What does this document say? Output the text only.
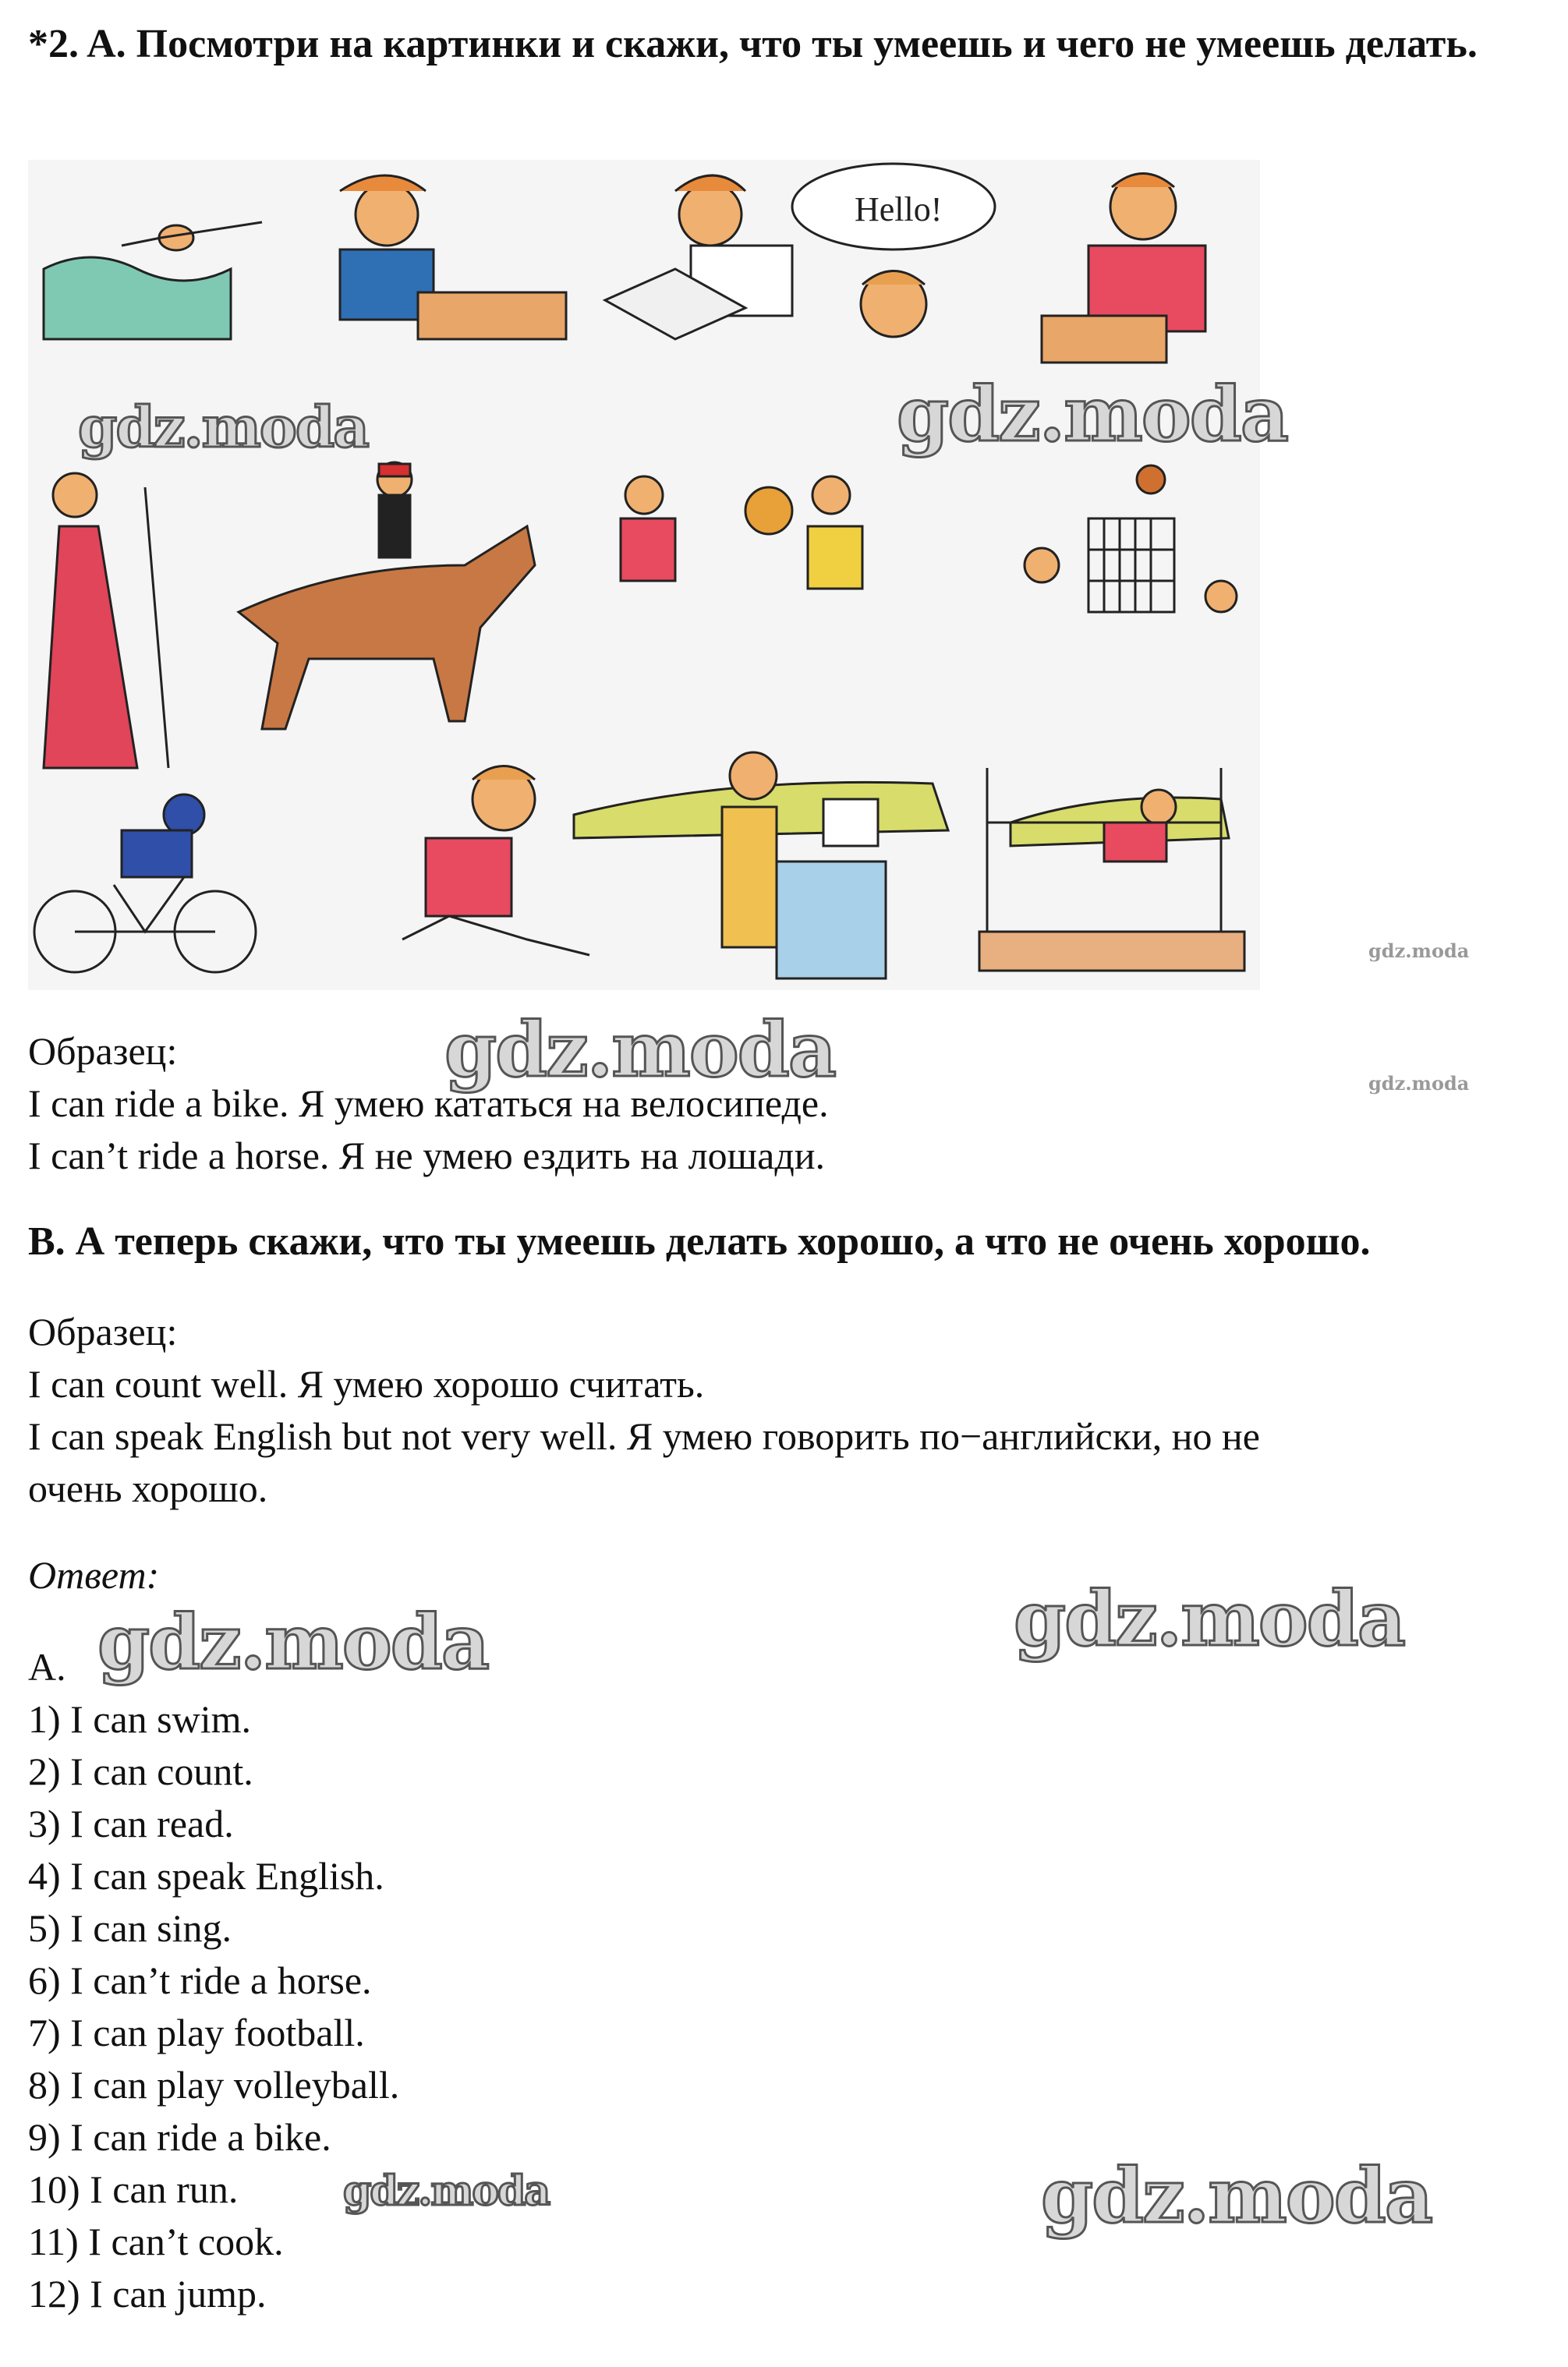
*2. A. Посмотри на картинки и скажи, что ты умеешь и чего не умеешь делать.
Hello!
Образец:
I can ride a bike. Я умею кататься на велосипеде.
I can’t ride a horse. Я не умею ездить на лошади.
B. А теперь скажи, что ты умеешь делать хорошо, а что не очень хорошо.
Образец:
I can count well. Я умею хорошо считать.
I can speak English but not very well. Я умею говорить по−английски, но не
очень хорошо.
Ответ:
A.
1) I can swim.
2) I can count.
3) I can read.
4) I can speak English.
5) I can sing.
6) I can’t ride a horse.
7) I can play football.
8) I can play volleyball.
9) I can ride a bike.
10) I can run.
11) I can’t cook.
12) I can jump.
gdz.moda	gdz.moda
gdz.moda
gdz.moda	gdz.moda
gdz.moda
gdz.moda
gdz.moda	gdz.moda
